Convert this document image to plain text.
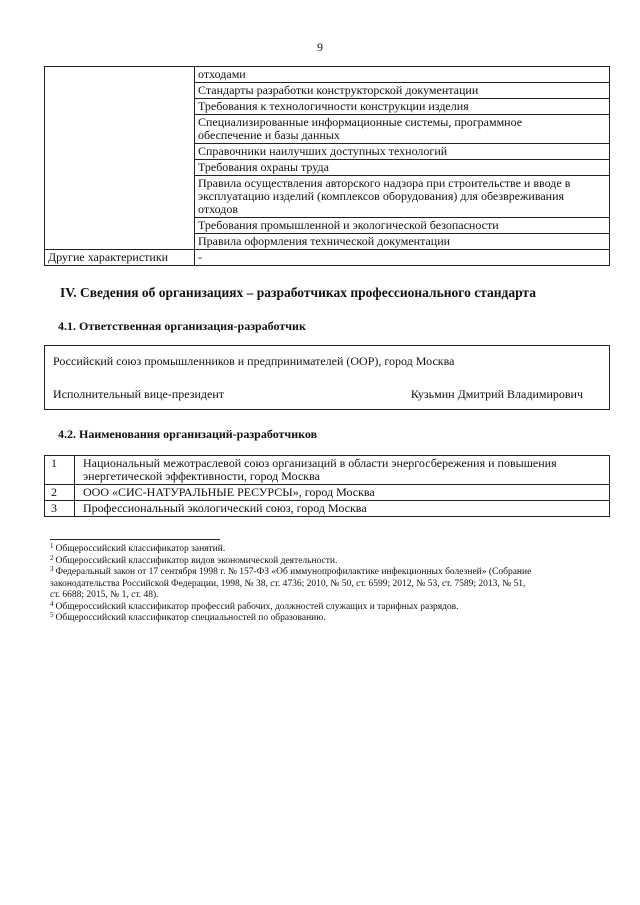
9

	отходами

	Стандарты разработки конструкторской документации

	Требования к технологичности конструкции изделия

	Специализированные информационные системы, программное
обеспечение и базы данных

	Справочники наилучших доступных технологий

	Требования охраны труда

	Правила осуществления авторского надзора при строительстве и вводе в
эксплуатацию изделий (комплексов оборудования) для обезвреживания
отходов

	Требования промышленной и экологической безопасности

	Правила оформления технической документации

Другие характеристики	-
IV. Сведения об организациях – разработчиках профессионального стандарта
4.1. Ответственная организация-разработчик
Российский союз промышленников и предпринимателей (ООР), город Москва
Исполнительный вице-президент	Кузьмин Дмитрий Владимирович
4.2. Наименования организаций-разработчиков
1	Национальный межотраслевой союз организаций в области энергосбережения и повышения
энергетической эффективности, город Москва

2	ООО «СИС-НАТУРАЛЬНЫЕ РЕСУРСЫ», город Москва

3	Профессиональный экологический союз, город Москва

$^1$ Общероссийский классификатор занятий.

$^2$ Общероссийский классификатор видов экономической деятельности.

$^3$ Федеральный закон от 17 сентября 1998 г. № 157-ФЗ «Об иммунопрофилактике инфекционных болезней» (Собрание

законодательства Российской Федерации, 1998, № 38, ст. 4736; 2010, № 50, ст. 6599; 2012, № 53, ст. 7589; 2013, № 51,

ст. 6688; 2015, № 1, ст. 48).

$^4$ Общероссийский классификатор профессий рабочих, должностей служащих и тарифных разрядов.

$^5$ Общероссийский классификатор специальностей по образованию.
